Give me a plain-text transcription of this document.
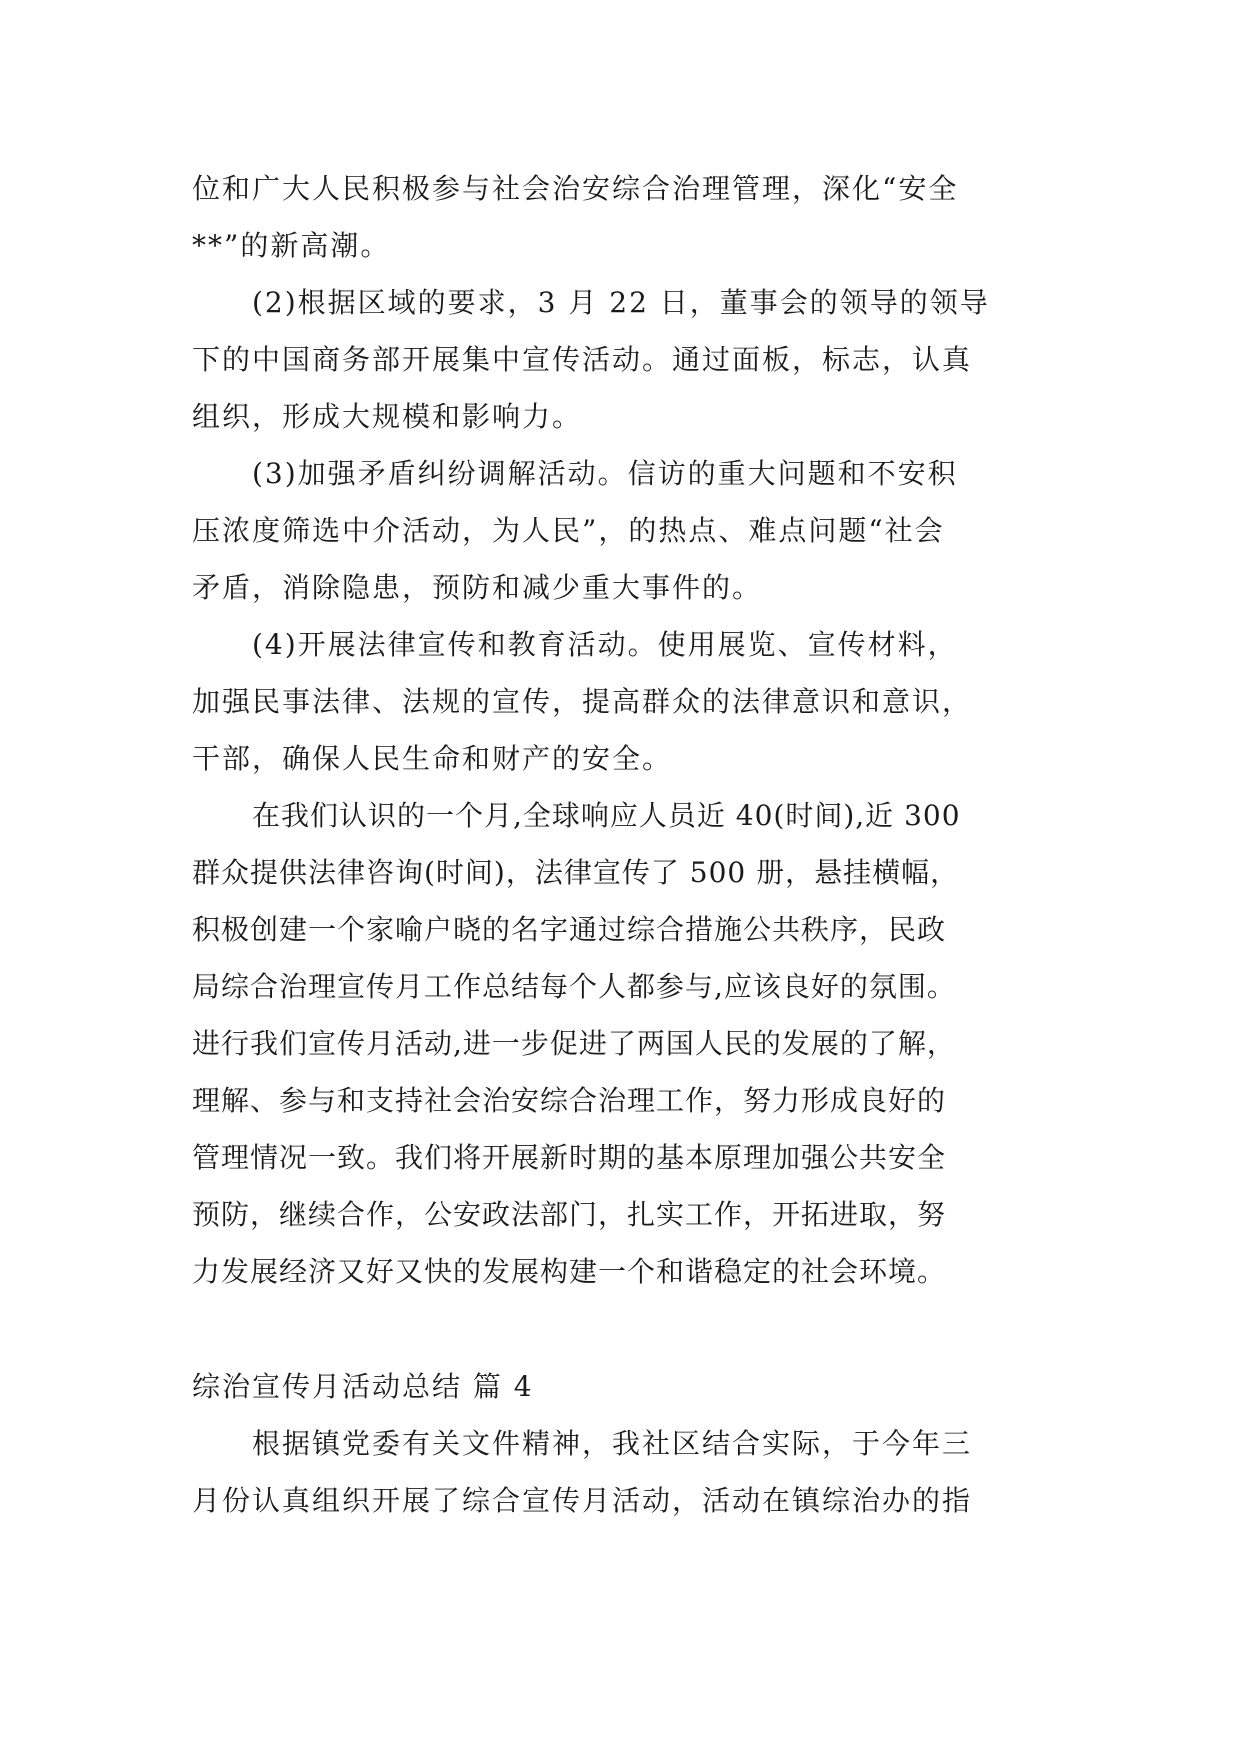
位和广大人民积极参与社会治安综合治理管理，深化“安全
**”的新高潮。

(2)根据区域的要求，3 月 22 日，董事会的领导的领导
下的中国商务部开展集中宣传活动。通过面板，标志，认真
组织，形成大规模和影响力。

(3)加强矛盾纠纷调解活动。信访的重大问题和不安积
压浓度筛选中介活动，为人民”，的热点、难点问题“社会
矛盾，消除隐患，预防和减少重大事件的。

(4)开展法律宣传和教育活动。使用展览、宣传材料，
加强民事法律、法规的宣传，提高群众的法律意识和意识，
干部，确保人民生命和财产的安全。

在我们认识的一个月,全球响应人员近 40(时间),近 300
群众提供法律咨询(时间)，法律宣传了 500 册，悬挂横幅，
积极创建一个家喻户晓的名字通过综合措施公共秩序，民政
局综合治理宣传月工作总结每个人都参与,应该良好的氛围。
进行我们宣传月活动,进一步促进了两国人民的发展的了解，
理解、参与和支持社会治安综合治理工作，努力形成良好的
管理情况一致。我们将开展新时期的基本原理加强公共安全
预防，继续合作，公安政法部门，扎实工作，开拓进取，努
力发展经济又好又快的发展构建一个和谐稳定的社会环境。

综治宣传月活动总结 篇 4

根据镇党委有关文件精神，我社区结合实际，于今年三
月份认真组织开展了综合宣传月活动，活动在镇综治办的指
